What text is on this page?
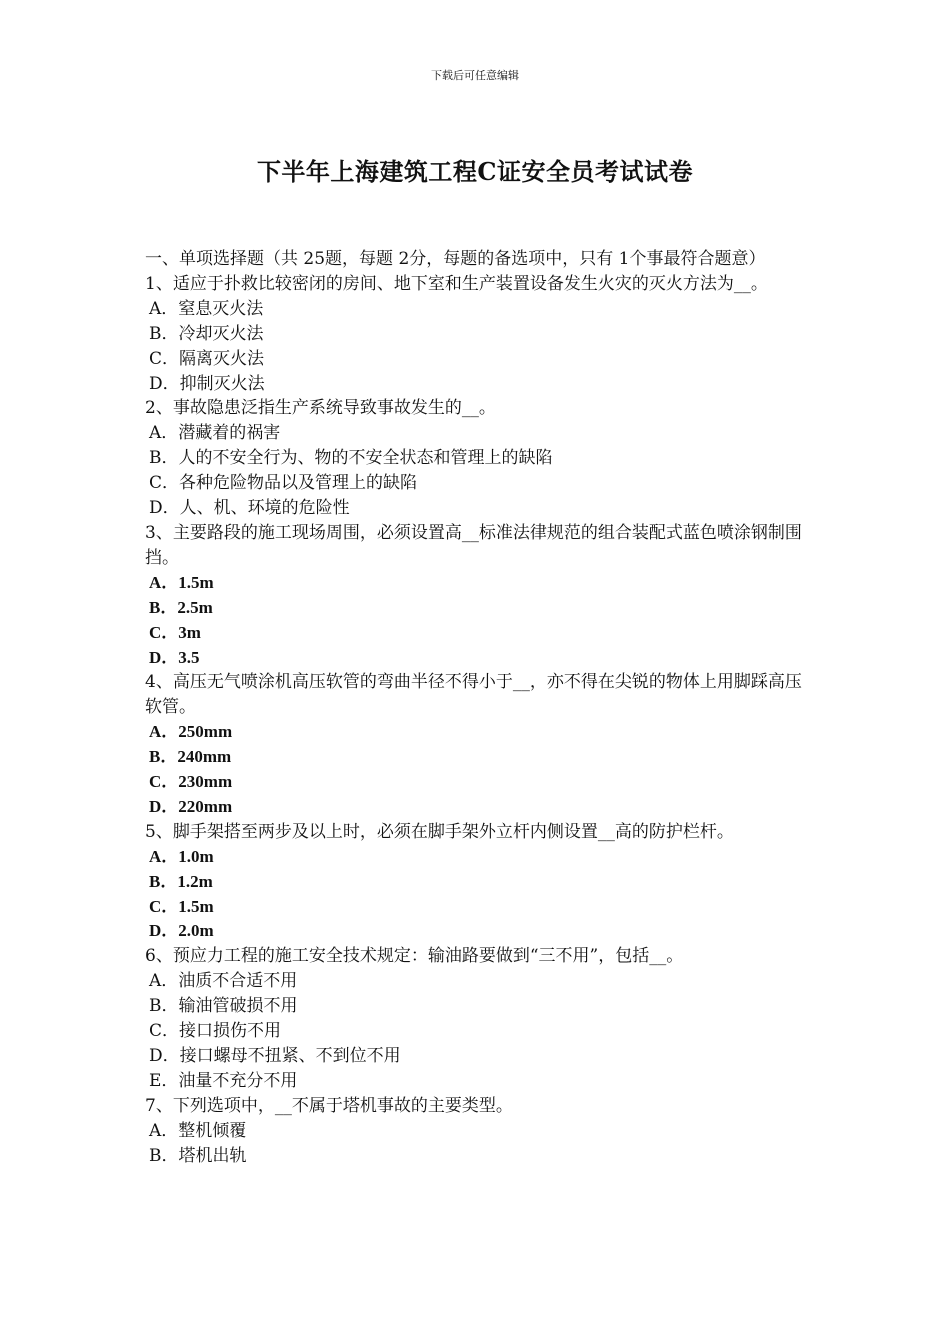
下载后可任意编辑
下半年上海建筑工程C证安全员考试试卷

一、单项选择题（共 25题，每题 2分，每题的备选项中，只有 1个事最符合题意）

1、适应于扑救比较密闭的房间、地下室和生产装置设备发生火灾的灭火方法为__。

A．窒息灭火法

B．冷却灭火法

C．隔离灭火法

D．抑制灭火法

2、事故隐患泛指生产系统导致事故发生的__。

A．潜藏着的祸害

B．人的不安全行为、物的不安全状态和管理上的缺陷

C．各种危险物品以及管理上的缺陷

D．人、机、环境的危险性

3、主要路段的施工现场周围，必须设置高__标准法律规范的组合装配式蓝色喷涂钢制围挡。

A．1.5m

B．2.5m

C．3m

D．3.5

4、高压无气喷涂机高压软管的弯曲半径不得小于__，亦不得在尖锐的物体上用脚踩高压软管。

A．250mm

B．240mm

C．230mm

D．220mm

5、脚手架搭至两步及以上时，必须在脚手架外立杆内侧设置__高的防护栏杆。

A．1.0m

B．1.2m

C．1.5m

D．2.0m

6、预应力工程的施工安全技术规定：输油路要做到“三不用”，包括__。

A．油质不合适不用

B．输油管破损不用

C．接口损伤不用

D．接口螺母不扭紧、不到位不用

E．油量不充分不用

7、下列选项中，__不属于塔机事故的主要类型。

A．整机倾覆

B．塔机出轨
